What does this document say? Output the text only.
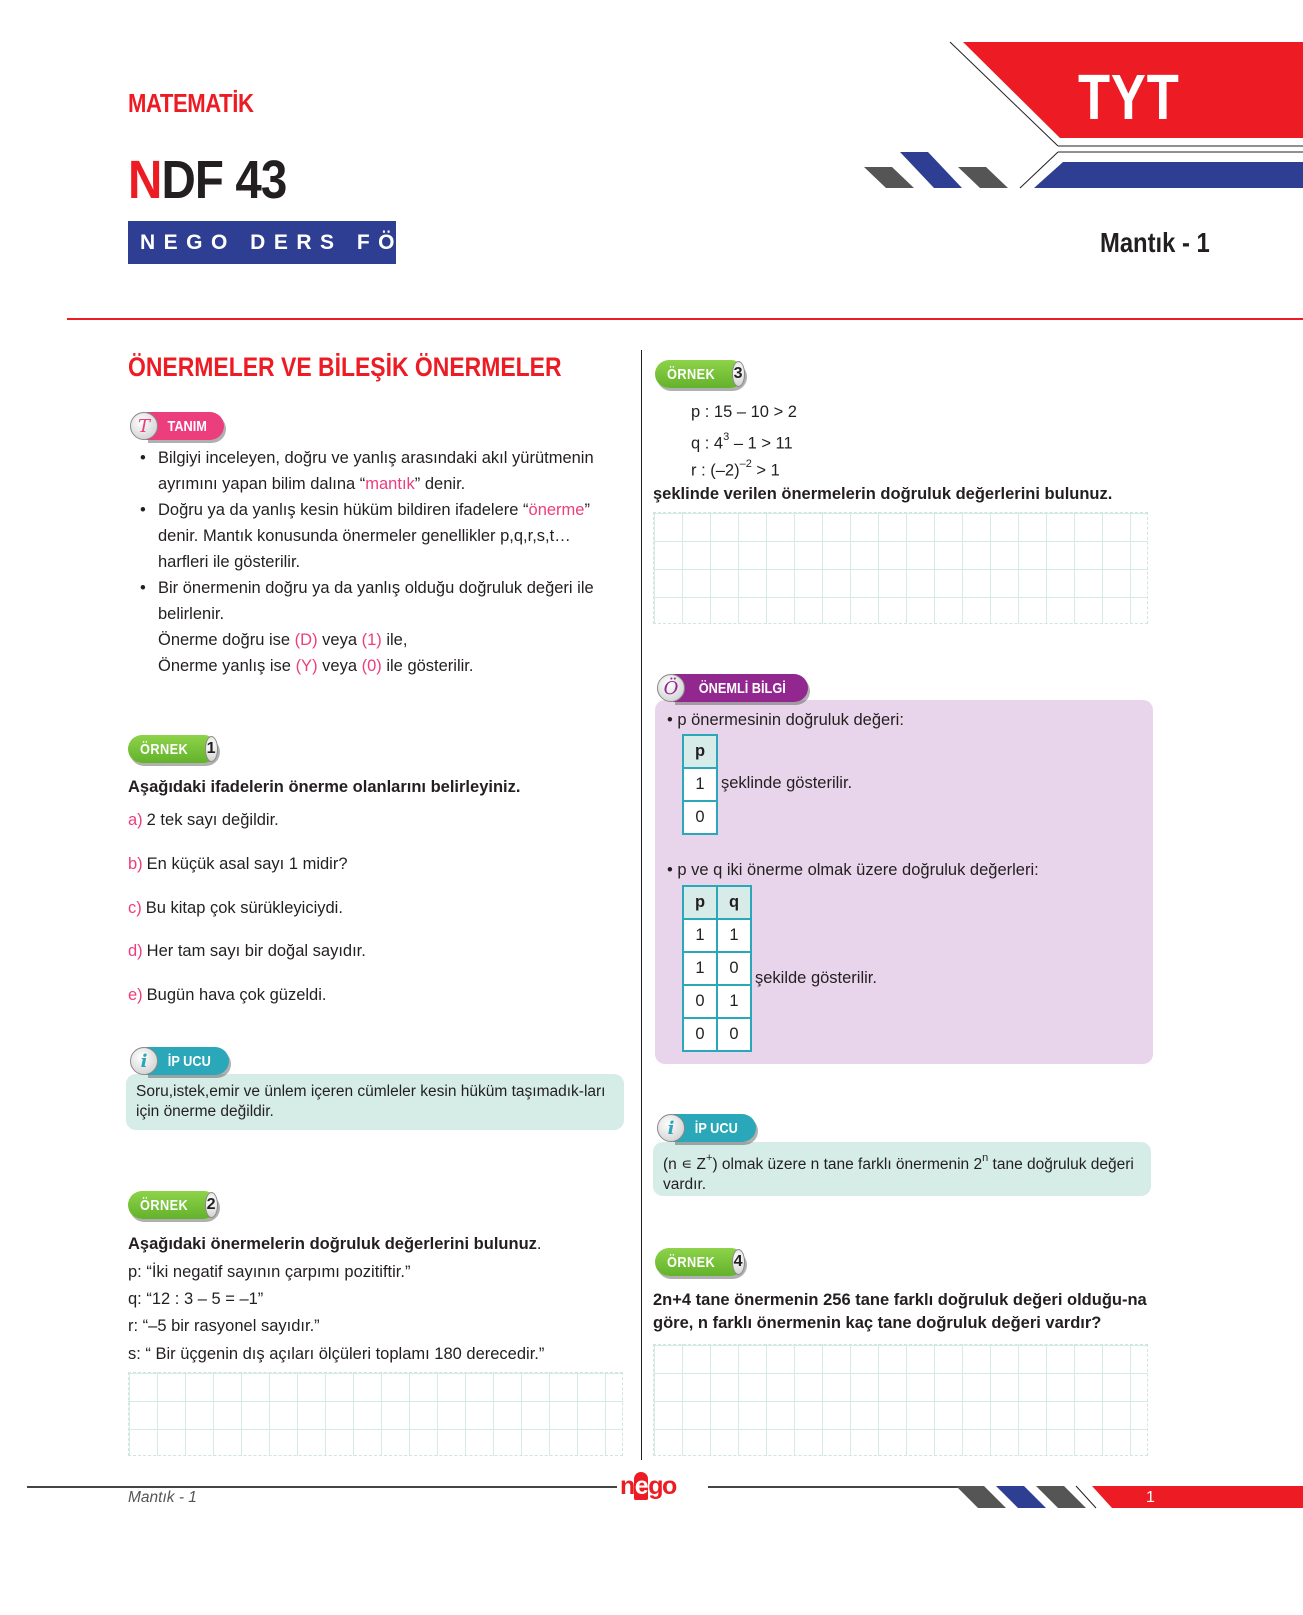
MATEMATİK
NDF 43
NEGO DERS FÖYÜ
TYT
Mantık - 1
ÖNERMELER VE BİLEŞİK ÖNERMELER
T	TANIM
• Bilgiyi inceleyen, doğru ve yanlış arasındaki akıl yürütmenin ayrımını yapan bilim dalına “mantık” denir.
• Doğru ya da yanlış kesin hüküm bildiren ifadelere “önerme” denir. Mantık konusunda önermeler genellikler p,q,r,s,t… harfleri ile gösterilir.
• Bir önermenin doğru ya da yanlış olduğu doğruluk değeri ile belirlenir.
Önerme doğru ise (D) veya (1) ile,
Önerme yanlış ise (Y) veya (0) ile gösterilir.
ÖRNEK 1
Aşağıdaki ifadelerin önerme olanlarını belirleyiniz.
a) 2 tek sayı değildir.
b) En küçük asal sayı 1 midir?
c) Bu kitap çok sürükleyiciydi.
d) Her tam sayı bir doğal sayıdır.
e) Bugün hava çok güzeldi.
Soru,istek,emir ve ünlem içeren cümleler kesin hüküm taşımadık-ları için önerme değildir.
i	İP UCU
ÖRNEK 2
Aşağıdaki önermelerin doğruluk değerlerini bulunuz.
p: “İki negatif sayının çarpımı pozitiftir.”
q: “12 : 3 – 5 = –1”
r: “–5 bir rasyonel sayıdır.”
s: “ Bir üçgenin dış açıları ölçüleri toplamı 180 derecedir.”
ÖRNEK 3
p : 15 – 10 > 2
q : $4^3 - 1 > 11$
r : $(-2)^{-2} > 1$
şeklinde verilen önermelerin doğruluk değerlerini bulunuz.
• p önermesinin doğruluk değeri:
p
1
0
şeklinde gösterilir.
• p ve q iki önerme olmak üzere doğruluk değerleri:
p	q
1	1
1	0
0	1
0	0
şekilde gösterilir.
Ö	ÖNEMLİ BİLGİ
(n ∊ Z+) olmak üzere n tane farklı önermenin 2$^n$ tane doğruluk değeri vardır.
i	İP UCU
ÖRNEK 4
2n+4 tane önermenin 256 tane farklı doğruluk değeri olduğu-na göre, n farklı önermenin kaç tane doğruluk değeri vardır?
Mantık - 1	nego	1
